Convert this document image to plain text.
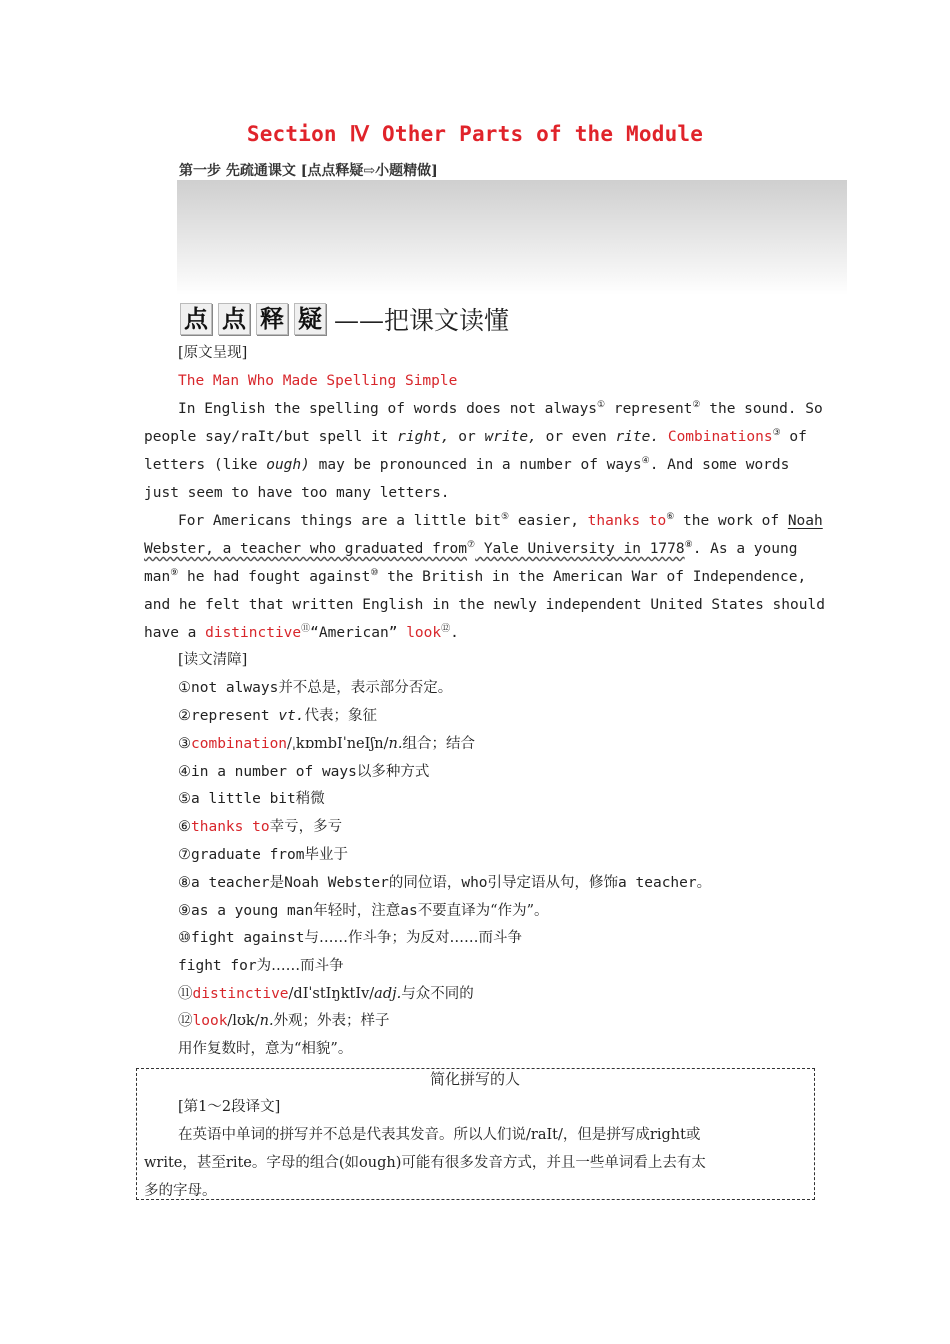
Section Ⅳ Other Parts of the Module
第一步 先疏通课文 [点点释疑⇨小题精做]
点 点 释 疑 ——把课文读懂
[原文呈现]
The Man Who Made Spelling Simple
In English the spelling of words does not always① represent② the sound. So
people say/raIt/but spell it right, or write, or even rite. Combinations③ of
letters (like ough) may be pronounced in a number of ways④. And some words
just seem to have too many letters.
For Americans things are a little bit⑤ easier, thanks to⑥ the work of Noah
Webster, a teacher who graduated from⑦ Yale University in 1778⑧. As a young
man⑨ he had fought against⑩ the British in the American War of Independence,
and he felt that written English in the newly independent United States should
have a distinctive⑪“American” look⑫.
[读文清障]
①not always并不总是，表示部分否定。
②represent vt.代表；象征
③combination/ˌkɒmbIˈneIʃn/n.组合；结合
④in a number of ways以多种方式
⑤a little bit稍微
⑥thanks to幸亏，多亏
⑦graduate from毕业于
⑧a teacher是Noah Webster的同位语，who引导定语从句，修饰a teacher。
⑨as a young man年轻时，注意as不要直译为“作为”。
⑩fight against与……作斗争；为反对……而斗争
fight for为……而斗争
⑪distinctive/dIˈstIŋktIv/adj.与众不同的
⑫look/lʊk/n.外观；外表；样子
用作复数时，意为“相貌”。
简化拼写的人
[第1～2段译文]
在英语中单词的拼写并不总是代表其发音。所以人们说/raIt/，但是拼写成right或
write，甚至rite。字母的组合(如ough)可能有很多发音方式，并且一些单词看上去有太
多的字母。
